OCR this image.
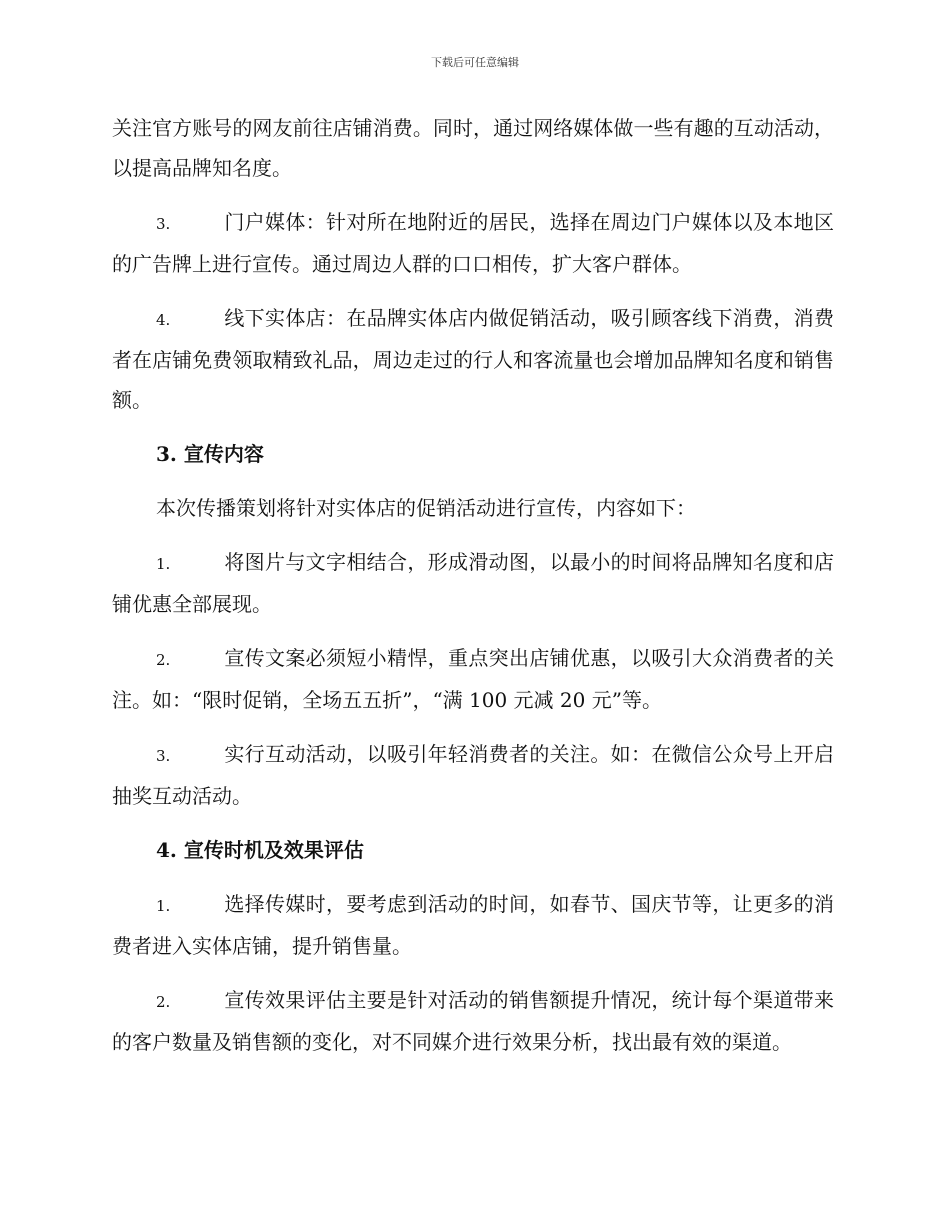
下载后可任意编辑

关注官方账号的网友前往店铺消费。同时，通过网络媒体做一些有趣的互动活动，以提高品牌知名度。

3.	门户媒体：针对所在地附近的居民，选择在周边门户媒体以及本地区的广告牌上进行宣传。通过周边人群的口口相传，扩大客户群体。

4.	线下实体店：在品牌实体店内做促销活动，吸引顾客线下消费，消费者在店铺免费领取精致礼品，周边走过的行人和客流量也会增加品牌知名度和销售额。

3. 宣传内容

本次传播策划将针对实体店的促销活动进行宣传，内容如下：

1.	将图片与文字相结合，形成滑动图，以最小的时间将品牌知名度和店铺优惠全部展现。

2.	宣传文案必须短小精悍，重点突出店铺优惠，以吸引大众消费者的关注。如：“限时促销，全场五五折”，“满 100 元减 20 元”等。

3.	实行互动活动，以吸引年轻消费者的关注。如：在微信公众号上开启抽奖互动活动。

4. 宣传时机及效果评估

1.	选择传媒时，要考虑到活动的时间，如春节、国庆节等，让更多的消费者进入实体店铺，提升销售量。

2.	宣传效果评估主要是针对活动的销售额提升情况，统计每个渠道带来的客户数量及销售额的变化，对不同媒介进行效果分析，找出最有效的渠道。
